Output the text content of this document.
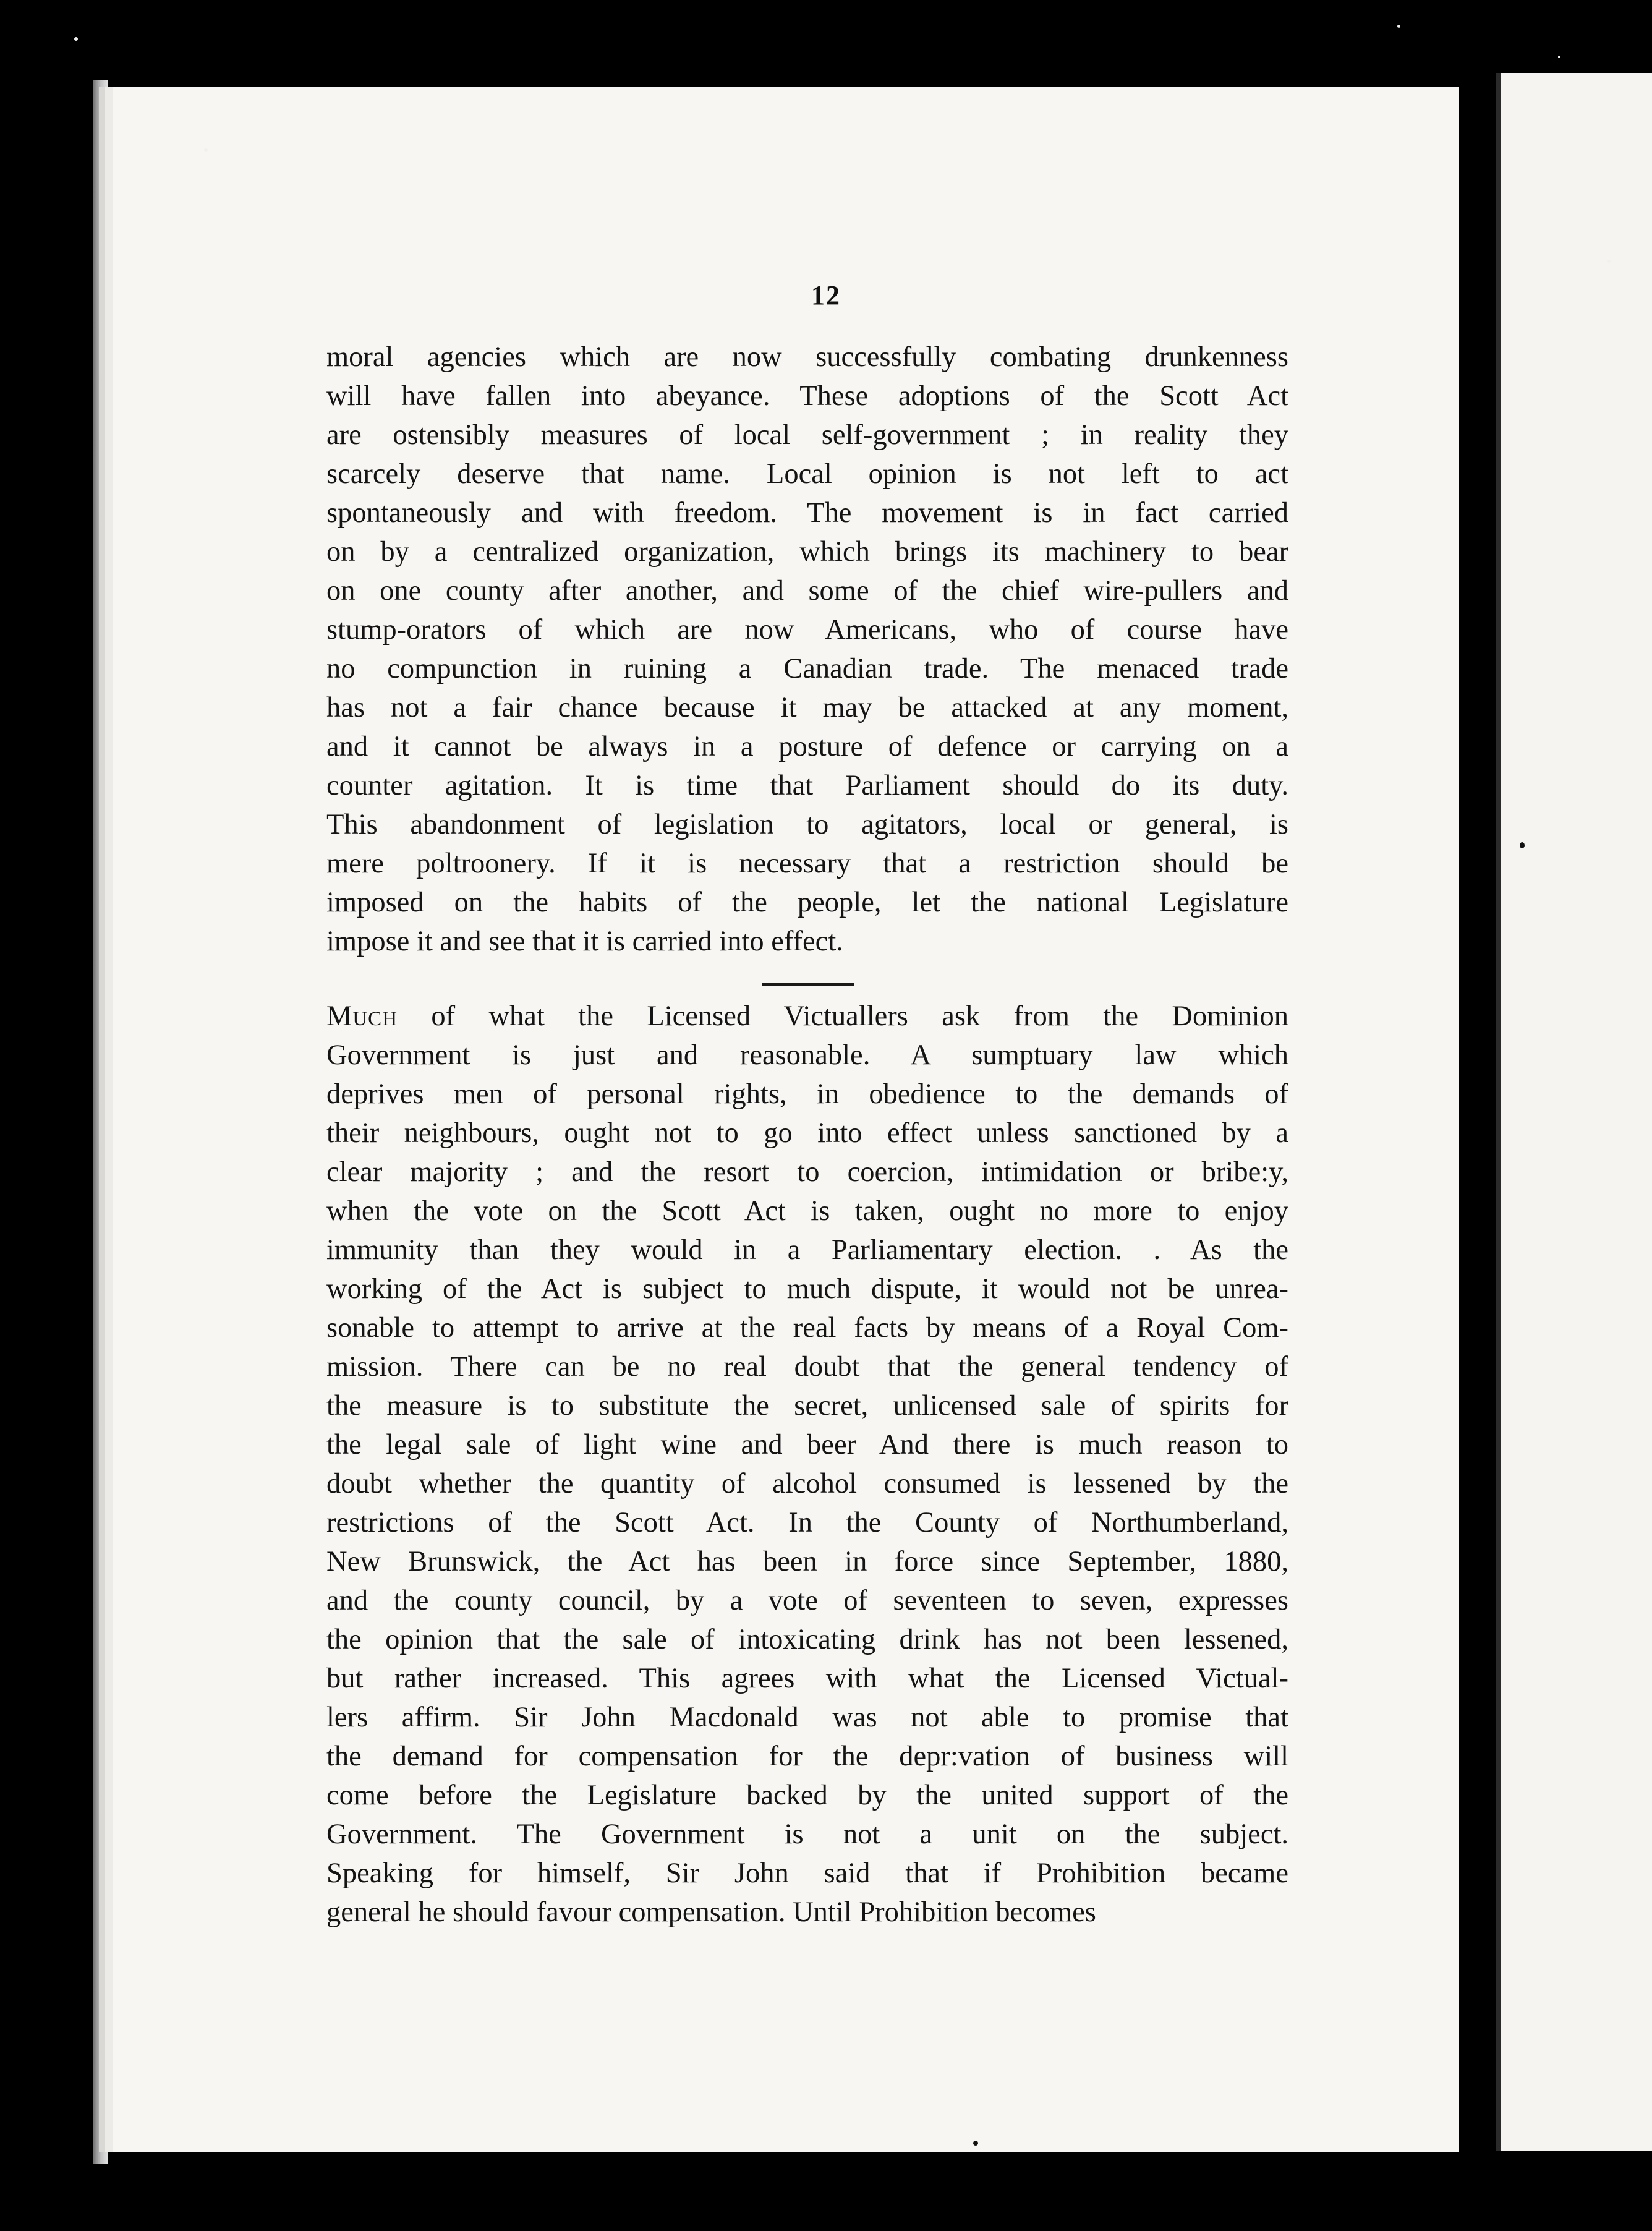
12
moral agencies which are now successfully combating drunkenness
will have fallen into abeyance. These adoptions of the Scott Act
are ostensibly measures of local self-government ; in reality they
scarcely deserve that name. Local opinion is not left to act
spontaneously and with freedom. The movement is in fact carried
on by a centralized organization, which brings its machinery to bear
on one county after another, and some of the chief wire-pullers and
stump-orators of which are now Americans, who of course have
no compunction in ruining a Canadian trade. The menaced trade
has not a fair chance because it may be attacked at any moment,
and it cannot be always in a posture of defence or carrying on a
counter agitation. It is time that Parliament should do its duty.
This abandonment of legislation to agitators, local or general, is
mere poltroonery. If it is necessary that a restriction should be
imposed on the habits of the people, let the national Legislature
impose it and see that it is carried into effect.
Much of what the Licensed Victuallers ask from the Dominion
Government is just and reasonable. A sumptuary law which
deprives men of personal rights, in obedience to the demands of
their neighbours, ought not to go into effect unless sanctioned by a
clear majority ; and the resort to coercion, intimidation or bribe:y,
when the vote on the Scott Act is taken, ought no more to enjoy
immunity than they would in a Parliamentary election. . As the
working of the Act is subject to much dispute, it would not be unrea-
sonable to attempt to arrive at the real facts by means of a Royal Com-
mission. There can be no real doubt that the general tendency of
the measure is to substitute the secret, unlicensed sale of spirits for
the legal sale of light wine and beer And there is much reason to
doubt whether the quantity of alcohol consumed is lessened by the
restrictions of the Scott Act. In the County of Northumberland,
New Brunswick, the Act has been in force since September, 1880,
and the county council, by a vote of seventeen to seven, expresses
the opinion that the sale of intoxicating drink has not been lessened,
but rather increased. This agrees with what the Licensed Victual-
lers affirm. Sir John Macdonald was not able to promise that
the demand for compensation for the depr:vation of business will
come before the Legislature backed by the united support of the
Government. The Government is not a unit on the subject.
Speaking for himself, Sir John said that if Prohibition became
general he should favour compensation. Until Prohibition becomes
